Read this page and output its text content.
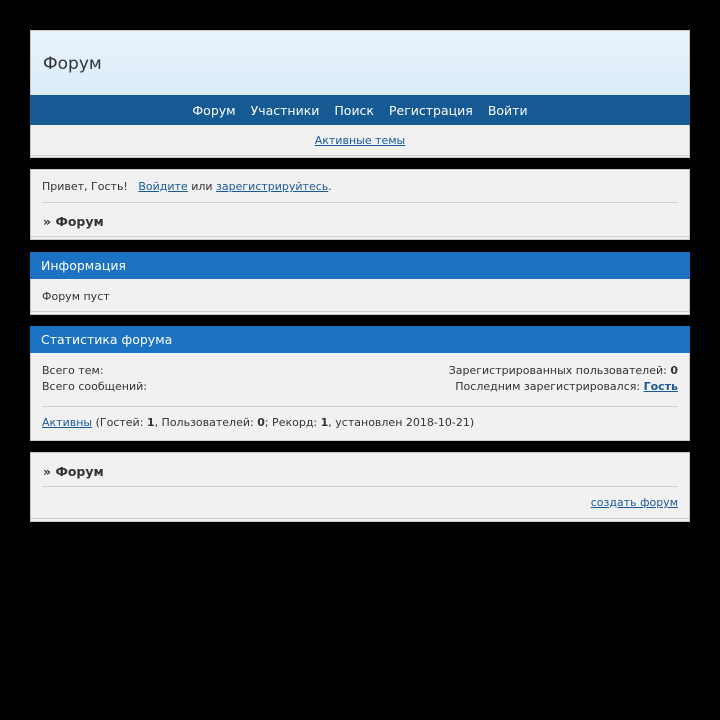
Форум
Форум Участники Поиск Регистрация Войти
Активные темы
Привет, Гость! Войдите или зарегистрируйтесь.
» Форум
Информация
Форум пуст
Статистика форума
Всего тем:
Всего сообщений:
Зарегистрированных пользователей: 0
Последним зарегистрировался: Гость
Активны (Гостей: 1, Пользователей: 0; Рекорд: 1, установлен 2018-10-21)
» Форум
создать форум
